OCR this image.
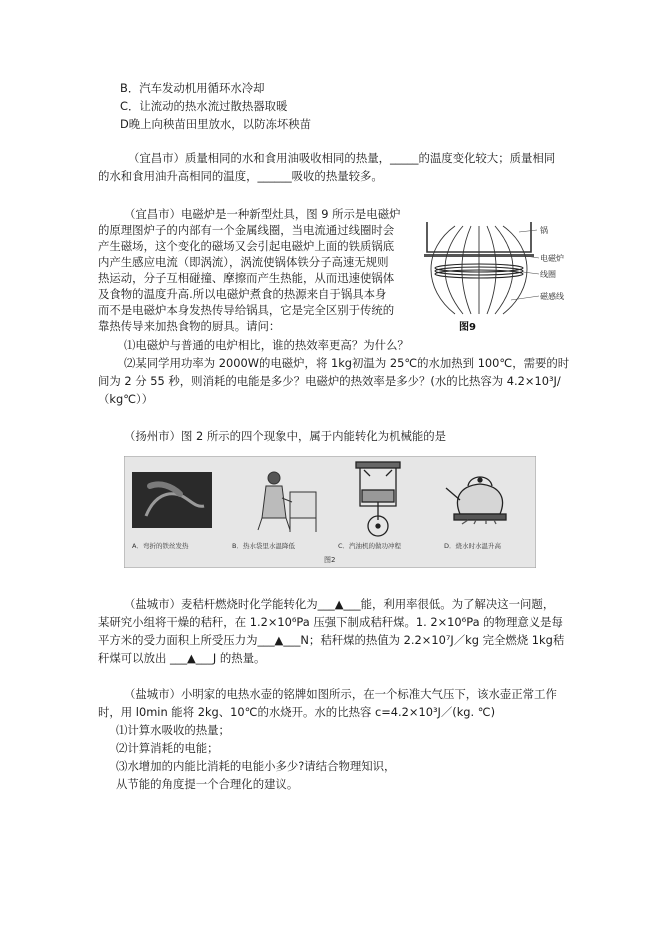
B．汽车发动机用循环水冷却
C．让流动的热水流过散热器取暖
D晚上向秧苗田里放水，以防冻坏秧苗
（宜昌市）质量相同的水和食用油吸收相同的热量，_____的温度变化较大；质量相同
的水和食用油升高相同的温度，______吸收的热量较多。
（宜昌市）电磁炉是一种新型灶具，图 9 所示是电磁炉
的原理图炉子的内部有一个金属线圈，当电流通过线圈时会
产生磁场，这个变化的磁场又会引起电磁炉上面的铁质锅底
内产生感应电流（即涡流），涡流使锅体铁分子高速无规则
热运动，分子互相碰撞、摩擦而产生热能，从而迅速使锅体
及食物的温度升高.所以电磁炉煮食的热源来自于锅具本身
而不是电磁炉本身发热传导给锅具，它是完全区别于传统的
靠热传导来加热食物的厨具。请问：
⑴电磁炉与普通的电炉相比，谁的热效率更高？为什么？
⑵某同学用功率为 2000W的电磁炉，将 1kg初温为 25℃的水加热到 100℃，需要的时
间为 2 分 55 秒，则消耗的电能是多少？电磁炉的热效率是多少？(水的比热容为 4.2×10³J/
（kg℃））
锅
电磁炉
线圈
磁感线
图9
（扬州市）图 2 所示的四个现象中，属于内能转化为机械能的是
A．弯折的铁丝发热	B．热水袋里水温降低	C．汽油机的做功冲程	D．烧水时水温升高
图2
（盐城市）麦秸杆燃烧时化学能转化为___▲___能，利用率很低。为了解决这一问题，
某研究小组将干燥的秸秆，在 1.2×10⁶Pa 压强下制成秸秆煤。1. 2×10⁶Pa 的物理意义是每
平方米的受力面积上所受压力为___▲___N；秸秆煤的热值为 2.2×10⁷J／kg 完全燃烧 1kg秸
秆煤可以放出 ___▲___J 的热量。
（盐城市）小明家的电热水壶的铭牌如图所示，在一个标准大气压下，该水壶正常工作
时，用 l0min 能将 2kg、10℃的水烧开。水的比热容 c=4.2×10³J／(kg. ℃)
⑴计算水吸收的热量；
⑵计算消耗的电能；
⑶水增加的内能比消耗的电能小多少?请结合物理知识，
从节能的角度提一个合理化的建议。
